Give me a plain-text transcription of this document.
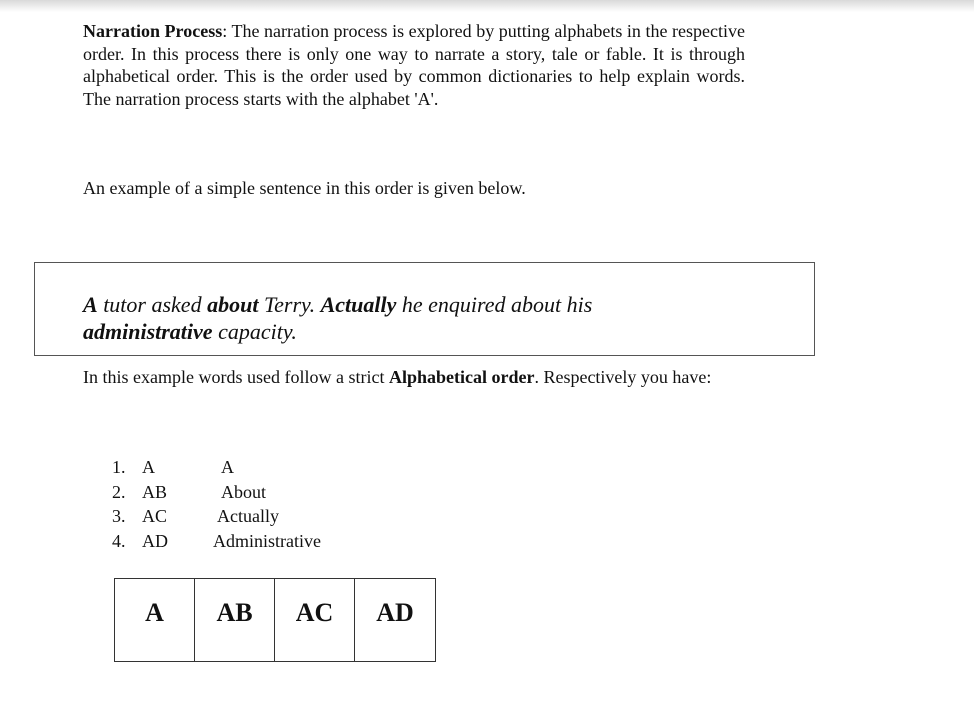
Narration Process: The narration process is explored by putting alphabets in the respective order. In this process there is only one way to narrate a story, tale or fable. It is through alphabetical order. This is the order used by common dictionaries to help explain words. The narration process starts with the alphabet 'A'.

An example of a simple sentence in this order is given below.

A tutor asked about Terry. Actually he enquired about his administrative capacity.

In this example words used follow a strict Alphabetical order. Respectively you have:

1. A	A
2. AB	About
3. AC	Actually
4. AD	Administrative
A	AB	AC	AD
